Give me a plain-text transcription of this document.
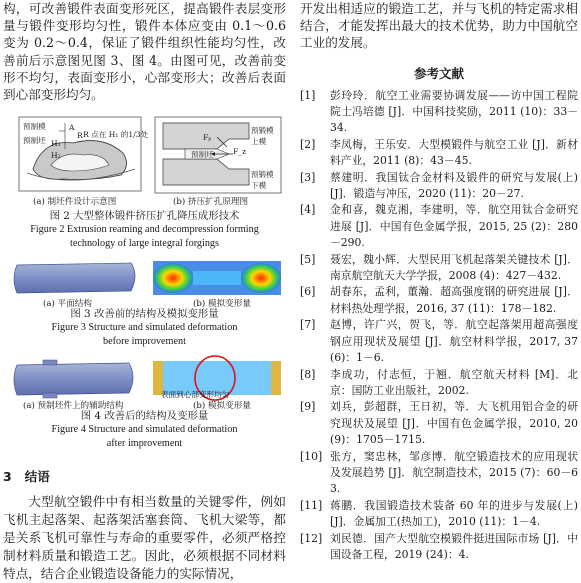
构，可改善锻件表面变形死区，提高锻件表层变形量与锻件变形均匀性，锻件本体应变由 0.1～0.6 变为 0.2～0.4，保证了锻件组织性能均匀性，改善前后示意图见图 3、图 4。由图可见，改善前变形不均匀，表面变形小，心部变形大；改善后表面到心部变形均匀。

预制模
预制坯
R 点在 H₁ 的1/3处
A
R
H₁
H₂
Fₚ
F_z
预制坯
预锻模上模
预锻模下模
(a) 制坯件设计示意图	(b) 挤压扩孔原理图

图 2 大型整体锻件挤压扩孔降压成形技术

Figure 2 Extrusion reaming and decompression forming

technology of large integral forgings

(a) 平面结构	(b) 模拟变形量

图 3 改善前的结构及模拟变形量

Figure 3 Structure and simulated deformation

before improvement

表面到心部变形均匀
(a) 预制坯件上的辅助结构	(b) 模拟变形量

图 4 改善后的结构及变形量

Figure 4 Structure and simulated deformation

after improvement

3 结语

大型航空锻件中有相当数量的关键零件，例如飞机主起落架、起落架活塞套筒、飞机大梁等，都是关系飞机可靠性与寿命的重要零件，必须严格控制材料质量和锻造工艺。因此，必须根据不同材料特点，结合企业锻造设备能力的实际情况，

开发出相适应的锻造工艺，并与飞机的特定需求相结合，才能发挥出最大的技术优势，助力中国航空工业的发展。

参考文献

[1]	彭玲玲．航空工业需要协调发展——访中国工程院院士冯培德 [J]．中国科技奖励，2011 (10)：33－34.
[2]	李凤梅，王乐安．大型模锻件与航空工业 [J]．新材料产业，2011 (8)：43－45.
[3]	蔡建明．我国钛合金材料及锻件的研究与发展(上) [J]．锻造与冲压，2020 (11)：20－27.
[4]	金和喜，魏克湘，李建明，等．航空用钛合金研究进展 [J]．中国有色金属学报，2015, 25 (2)：280－290.
[5]	聂宏，魏小辉．大型民用飞机起落架关键技术 [J]．南京航空航天大学学报，2008 (4)：427－432.
[6]	胡春东，孟利，董瀚．超高强度钢的研究进展 [J]．材料热处理学报，2016, 37 (11)：178－182.
[7]	赵博，许广兴，贺飞，等．航空起落架用超高强度钢应用现状及展望 [J]．航空材料学报，2017, 37 (6)：1－6.
[8]	李成功，付志恒，于翘．航空航天材料 [M]．北京：国防工业出版社，2002.
[9]	刘兵，彭超群，王日初，等．大飞机用铝合金的研究现状及展望 [J]．中国有色金属学报，2010, 20 (9)：1705－1715.
[10] 张方，窦忠林，邹彦博．航空锻造技术的应用现状及发展趋势 [J]．航空制造技术，2015 (7)：60－63.
[11] 蒋鹏．我国锻造技术装备 60 年的进步与发展(上) [J]．金属加工(热加工)，2010 (11)：1－4.
[12] 刘民德．国产大型航空模锻件挺进国际市场 [J]．中国设备工程，2019 (24)：4.
